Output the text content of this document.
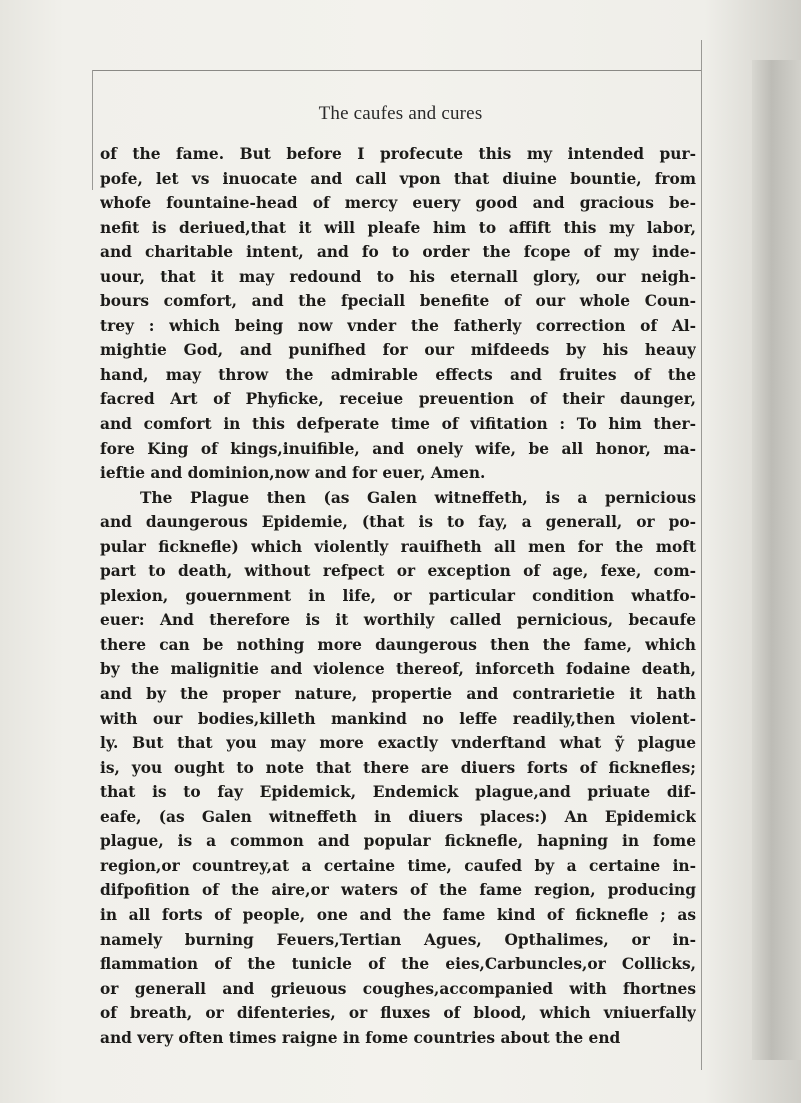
The caufes and cures
of the fame. But before I profecute this my intended pur-
pofe, let vs inuocate and call vpon that diuine bountie, from
whofe fountaine-head of mercy euery good and gracious be-
nefit is deriued,that it will pleafe him to affift this my labor,
and charitable intent, and fo to order the fcope of my inde-
uour, that it may redound to his eternall glory, our neigh-
bours comfort, and the fpeciall benefite of our whole Coun-
trey : which being now vnder the fatherly correction of Al-
mightie God, and punifhed for our mifdeeds by his heauy
hand, may throw the admirable effects and fruites of the
facred Art of Phyficke, receiue preuention of their daunger,
and comfort in this defperate time of vifitation : To him ther-
fore King of kings,inuifible, and onely wife, be all honor, ma-
ieftie and dominion,now and for euer, Amen.
The Plague then (as Galen witneffeth, is a pernicious
and daungerous Epidemie, (that is to fay, a generall, or po-
pular ficknefle) which violently rauifheth all men for the moft
part to death, without refpect or exception of age, fexe, com-
plexion, gouernment in life, or particular condition whatfo-
euer: And therefore is it worthily called pernicious, becaufe
there can be nothing more daungerous then the fame, which
by the malignitie and violence thereof, inforceth fodaine death,
and by the proper nature, propertie and contrarietie it hath
with our bodies,killeth mankind no leffe readily,then violent-
ly. But that you may more exactly vnderftand what ỹ plague
is, you ought to note that there are diuers forts of ficknefles;
that is to fay Epidemick, Endemick plague,and priuate dif-
eafe, (as Galen witneffeth in diuers places:) An Epidemick
plague, is a common and popular ficknefle, hapning in fome
region,or countrey,at a certaine time, caufed by a certaine in-
difpofition of the aire,or waters of the fame region, producing
in all forts of people, one and the fame kind of ficknefle ; as
namely burning Feuers,Tertian Agues, Opthalimes, or in-
flammation of the tunicle of the eies,Carbuncles,or Collicks,
or generall and grieuous coughes,accompanied with fhortnes
of breath, or difenteries, or fluxes of blood, which vniuerfally
and very often times raigne in fome countries about the end
